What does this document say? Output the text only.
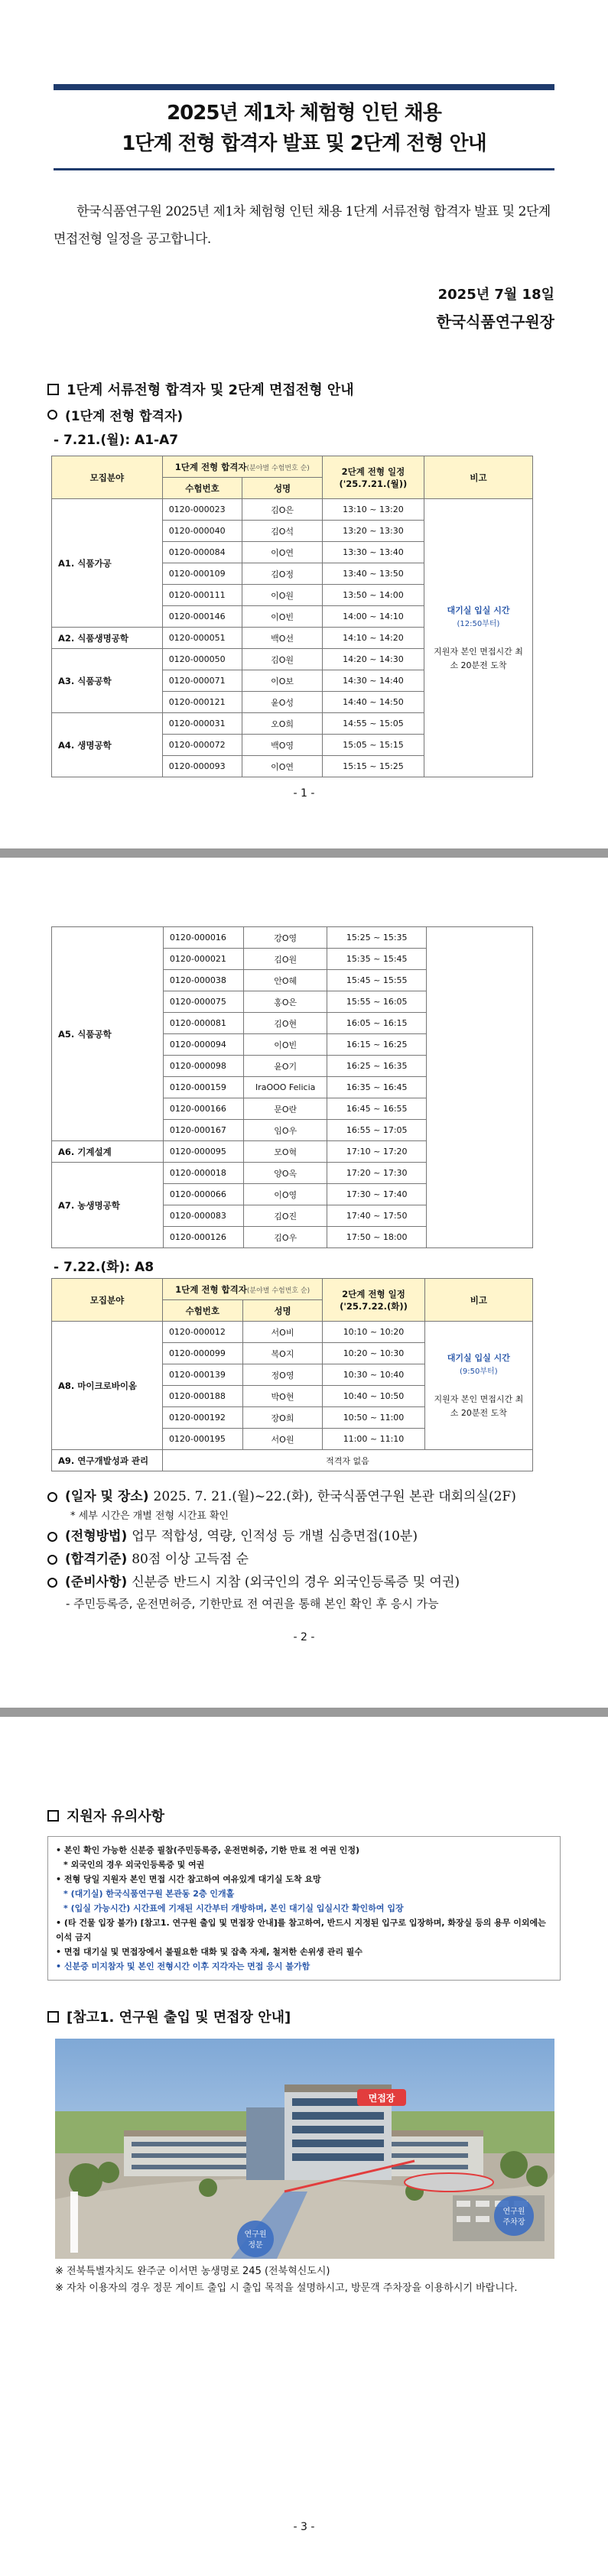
2025년 제1차 체험형 인턴 채용
1단계 전형 합격자 발표 및 2단계 전형 안내
한국식품연구원 2025년 제1차 체험형 인턴 채용 1단계 서류전형 합격자 발표 및 2단계 면접전형 일정을 공고합니다.
2025년 7월 18일
한국식품연구원장
1단계 서류전형 합격자 및 2단계 면접전형 안내
(1단계 전형 합격자)
- 7.21.(월): A1-A7
모집분야	1단계 전형 합격자(분야별 수험번호 순)		2단계 전형 일정
('25.7.21.(월))	비고
	수험번호	성명		
A1. 식품가공	0120-000023	김O은	13:10 ~ 13:20	대기실 입실 시간
(12:50부터)
지원자 본인 면접시간 최소 20분전 도착

	0120-000040	김O석	13:20 ~ 13:30	
	0120-000084	이O연	13:30 ~ 13:40	
	0120-000109	김O정	13:40 ~ 13:50	
	0120-000111	이O원	13:50 ~ 14:00	
	0120-000146	이O빈	14:00 ~ 14:10	
A2. 식품생명공학	0120-000051	백O선	14:10 ~ 14:20	
A3. 식품공학	0120-000050	김O원	14:20 ~ 14:30	
	0120-000071	이O보	14:30 ~ 14:40	
	0120-000121	윤O성	14:40 ~ 14:50	
A4. 생명공학	0120-000031	오O희	14:55 ~ 15:05	
	0120-000072	백O영	15:05 ~ 15:15	
	0120-000093	이O연	15:15 ~ 15:25	
- 1 -
A5. 식품공학	0120-000016	강O영	15:25 ~ 15:35	
	0120-000021	김O원	15:35 ~ 15:45	
	0120-000038	안O혜	15:45 ~ 15:55	
	0120-000075	홍O은	15:55 ~ 16:05	
	0120-000081	김O현	16:05 ~ 16:15	
	0120-000094	이O빈	16:15 ~ 16:25	
	0120-000098	윤O기	16:25 ~ 16:35	
	0120-000159	IraOOO Felicia	16:35 ~ 16:45	
	0120-000166	문O란	16:45 ~ 16:55	
	0120-000167	임O우	16:55 ~ 17:05	
A6. 기계설계	0120-000095	모O혁	17:10 ~ 17:20	
A7. 농생명공학	0120-000018	양O옥	17:20 ~ 17:30	
	0120-000066	이O영	17:30 ~ 17:40	
	0120-000083	김O진	17:40 ~ 17:50	
	0120-000126	김O우	17:50 ~ 18:00	
- 7.22.(화): A8
모집분야	1단계 전형 합격자(분야별 수험번호 순)		2단계 전형 일정
('25.7.22.(화))	비고
	수험번호	성명		
A8. 마이크로바이옴	0120-000012	서O비	10:10 ~ 10:20	대기실 입실 시간
(9:50부터)
지원자 본인 면접시간 최소 20분전 도착

	0120-000099	복O지	10:20 ~ 10:30	
	0120-000139	정O영	10:30 ~ 10:40	
	0120-000188	박O현	10:40 ~ 10:50	
	0120-000192	장O희	10:50 ~ 11:00	
	0120-000195	서O원	11:00 ~ 11:10	
A9. 연구개발성과 관리	적격자 없음			
(일자 및 장소) 2025. 7. 21.(월)~22.(화), 한국식품연구원 본관 대회의실(2F)
* 세부 시간은 개별 전형 시간표 확인
(전형방법) 업무 적합성, 역량, 인적성 등 개별 심층면접(10분)
(합격기준) 80점 이상 고득점 순
(준비사항) 신분증 반드시 지참 (외국인의 경우 외국인등록증 및 여권)
- 주민등록증, 운전면허증, 기한만료 전 여권을 통해 본인 확인 후 응시 가능
- 2 -
지원자 유의사항
• 본인 확인 가능한 신분증 필참(주민등록증, 운전면허증, 기한 만료 전 여권 인정)
* 외국인의 경우 외국인등록증 및 여권
• 전형 당일 지원자 본인 면접 시간 참고하여 여유있게 대기실 도착 요망
* (대기실) 한국식품연구원 본관동 2층 인개홀
* (입실 가능시간) 시간표에 기재된 시간부터 개방하며, 본인 대기실 입실시간 확인하여 입장
• (타 건물 입장 불가) [참고1. 연구원 출입 및 면접장 안내]를 참고하여, 반드시 지정된 입구로 입장하며, 화장실 등의 용무 이외에는 이석 금지
• 면접 대기실 및 면접장에서 불필요한 대화 및 잡촉 자제, 철저한 손위생 관리 필수
• 신분증 미지참자 및 본인 전형시간 이후 지각자는 면접 응시 불가함
[참고1. 연구원 출입 및 면접장 안내]
면접장
연구원
주차장
연구원
정문
※ 전북특별자치도 완주군 이서면 농생명로 245 (전북혁신도시)
※ 자차 이용자의 경우 정문 게이트 출입 시 출입 목적을 설명하시고, 방문객 주차장을 이용하시기 바랍니다.
- 3 -
